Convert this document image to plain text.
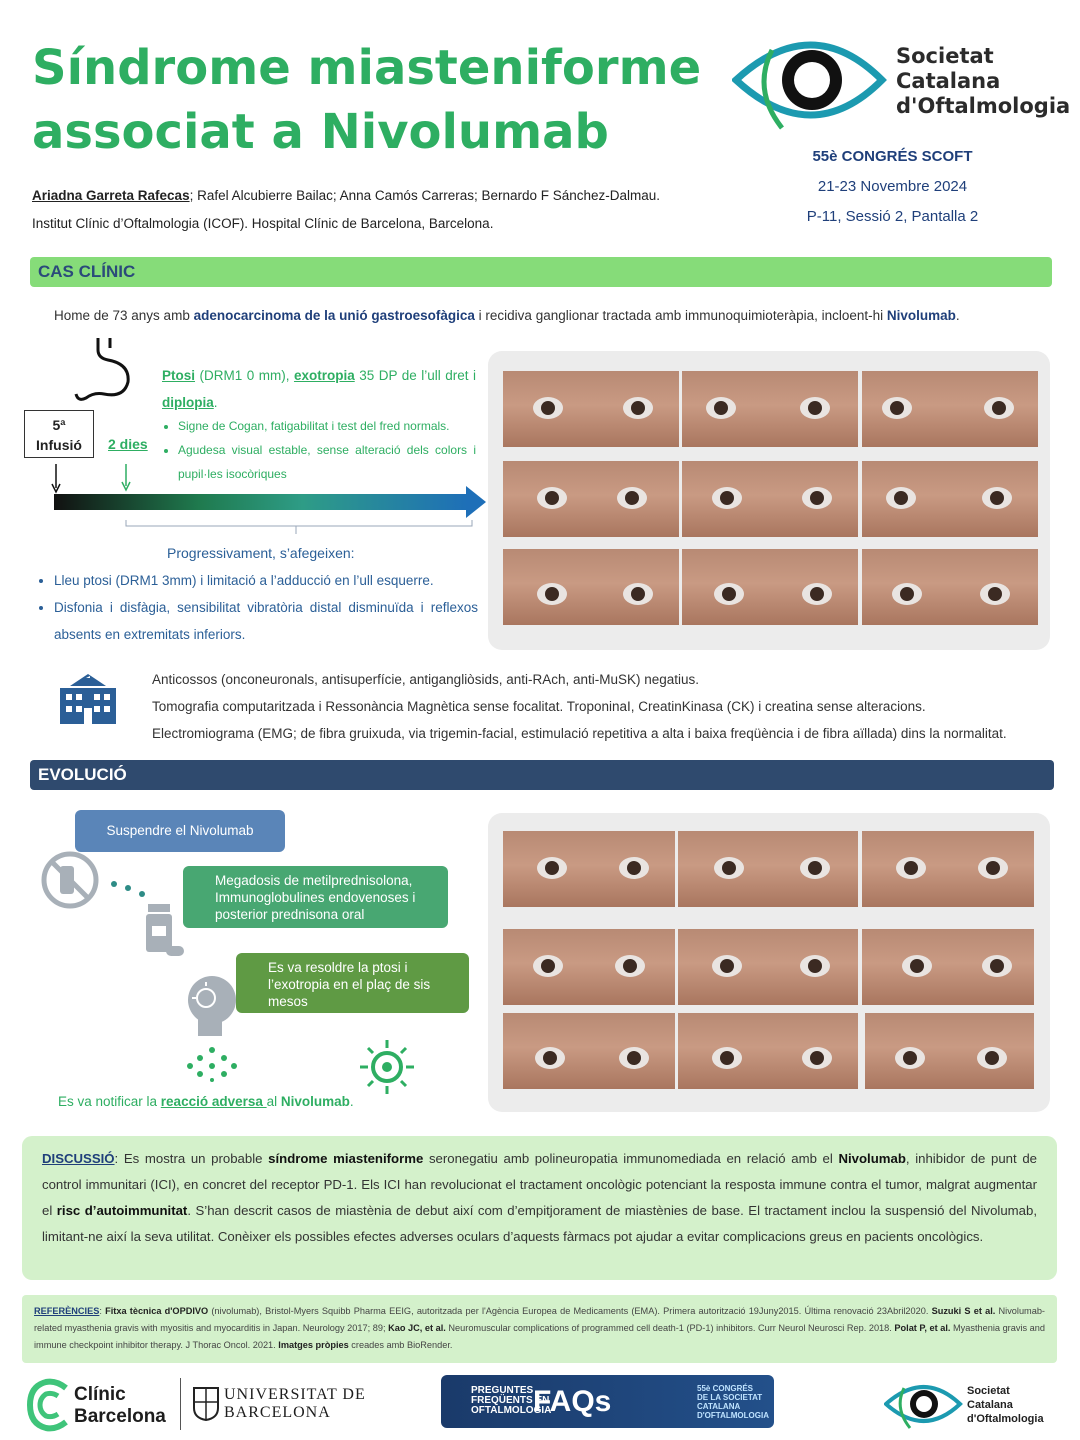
Síndrome miasteniforme
associat a Nivolumab
Ariadna Garreta Rafecas; Rafel Alcubierre Bailac; Anna Camós Carreras; Bernardo F Sánchez-Dalmau.
Institut Clínic d’Oftalmologia (ICOF). Hospital Clínic de Barcelona, Barcelona.
Societat
Catalana
d'Oftalmologia
55è CONGRÉS SCOFT
21-23 Novembre 2024
P-11, Sessió 2, Pantalla 2
CAS CLÍNIC
Home de 73 anys amb adenocarcinoma de la unió gastroesofàgica i recidiva ganglionar tractada amb immunoquimioteràpia, incloent-hi Nivolumab.
Ptosi (DRM1 0 mm), exotropia 35 DP de l’ull dret i diplopia.
• Signe de Cogan, fatigabilitat i test del fred normals.
• Agudesa visual estable, sense alteració dels colors i pupil·les isocòriques
5ª
Infusió	2 dies
Progressivament, s’afegeixen:
• Lleu ptosi (DRM1 3mm) i limitació a l’adducció en l’ull esquerre.
• Disfonia i disfàgia, sensibilitat vibratòria distal disminuïda i reflexos absents en extremitats inferiors.
Anticossos (onconeuronals, antisuperfície, antigangliòsids, anti-RAch, anti-MuSK) negatius.
Tomografia computaritzada i Ressonància Magnètica sense focalitat. TroponinaI, CreatinKinasa (CK) i creatina sense alteracions.
Electromiograma (EMG; de fibra gruixuda, via trigemin-facial, estimulació repetitiva a alta i baixa freqüència i de fibra aïllada) dins la normalitat.
EVOLUCIÓ
Suspendre el Nivolumab
Megadosis de metilprednisolona, Immunoglobulines endovenoses i posterior prednisona oral
Es va resoldre la ptosi i l’exotropia en el plaç de sis mesos
Es va notificar la reacció adversa al Nivolumab.
DISCUSSIÓ: Es mostra un probable síndrome miasteniforme seronegatiu amb polineuropatia immunomediada en relació amb el Nivolumab, inhibidor de punt de control immunitari (ICI), en concret del receptor PD-1. Els ICI han revolucionat el tractament oncològic potenciant la resposta immune contra el tumor, malgrat augmentar el risc d’autoimmunitat. S’han descrit casos de miastènia de debut així com d’empitjorament de miastènies de base. El tractament inclou la suspensió del Nivolumab, limitant-ne així la seva utilitat. Conèixer els possibles efectes adverses oculars d’aquests fàrmacs pot ajudar a evitar complicacions greus en pacients oncològics.
REFERÈNCIES: Fitxa tècnica d'OPDIVO (nivolumab), Bristol-Myers Squibb Pharma EEIG, autoritzada per l'Agència Europea de Medicaments (EMA). Primera autorització 19Juny2015. Última renovació 23Abril2020. Suzuki S et al. Nivolumab-related myasthenia gravis with myositis and myocarditis in Japan. Neurology 2017; 89; Kao JC, et al. Neuromuscular complications of programmed cell death-1 (PD-1) inhibitors. Curr Neurol Neurosci Rep. 2018. Polat P, et al. Myasthenia gravis and immune checkpoint inhibitor therapy. J Thorac Oncol. 2021. Imatges pròpies creades amb BioRender.
Clínic
Barcelona
UNIVERSITAT DE
BARCELONA
PREGUNTES
FREQÜENTS EN
OFTALMOLOGIA
FAQs	55è CONGRÉS
DE LA SOCIETAT
CATALANA
D'OFTALMOLOGIA
Societat
Catalana
d'Oftalmologia
